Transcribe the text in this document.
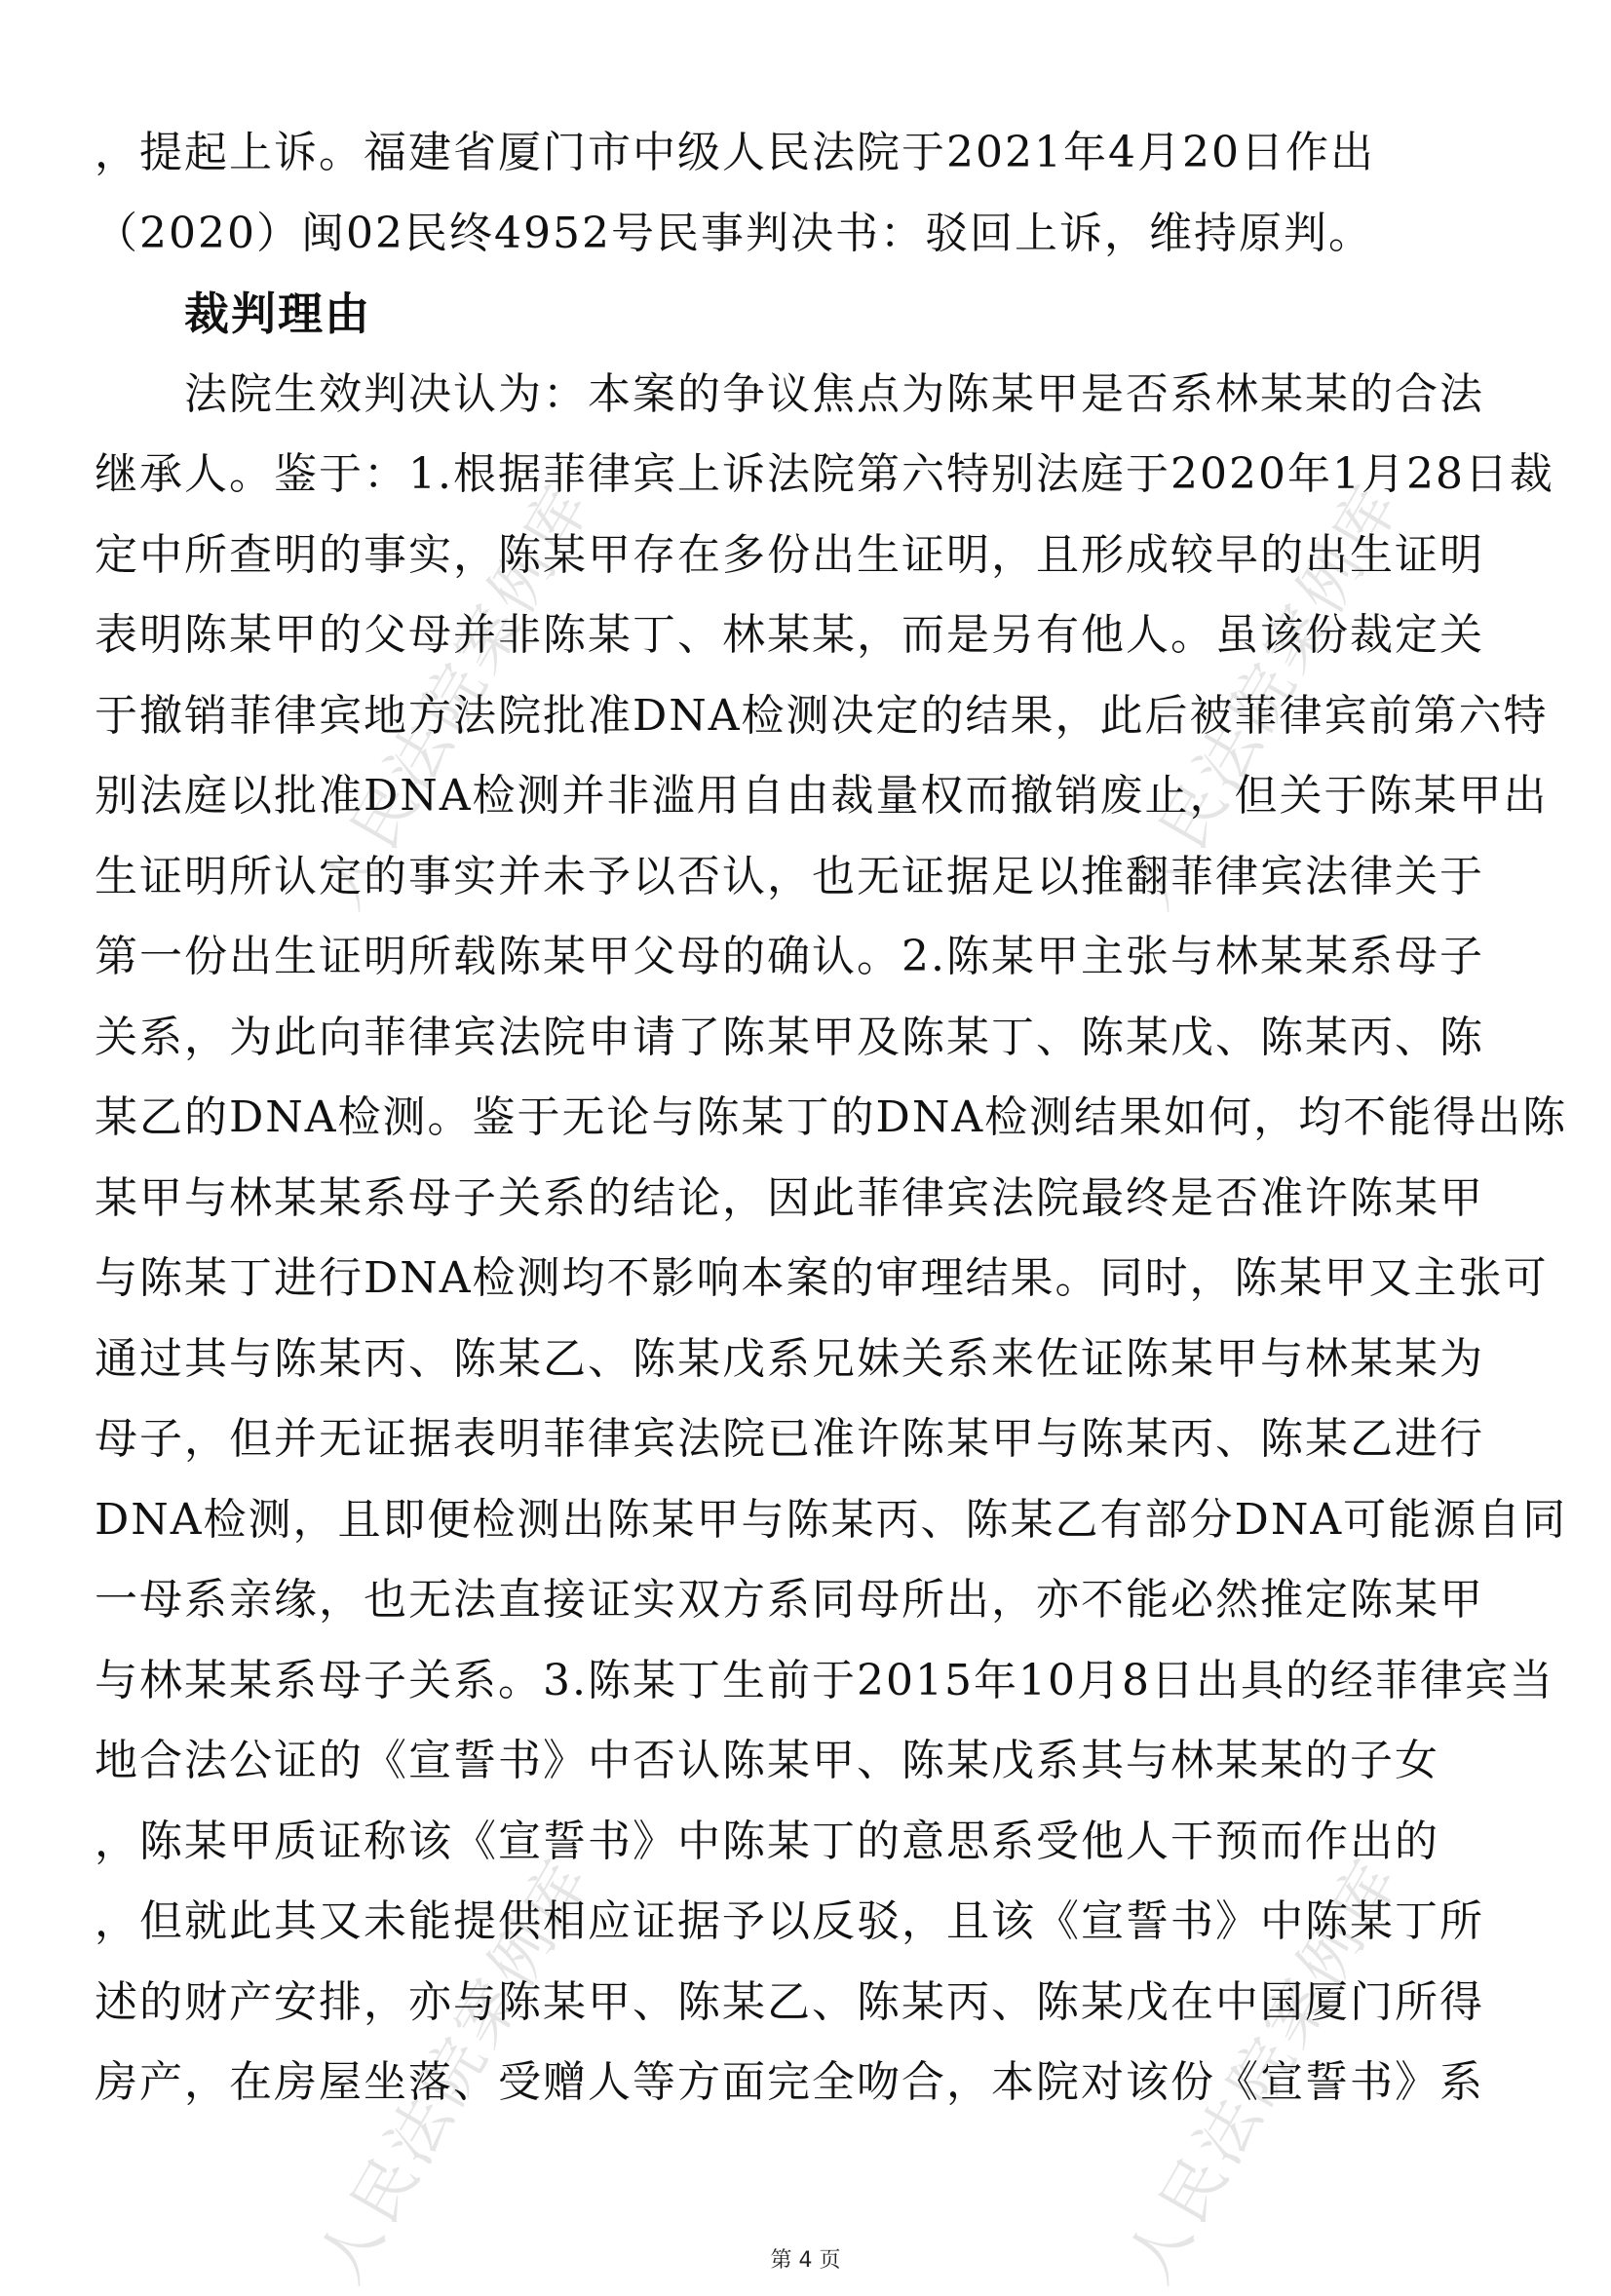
人民法院案例库	人民法院案例库
人民法院案例库	人民法院案例库
，提起上诉。福建省厦门市中级人民法院于2021年4月20日作出
（2020）闽02民终4952号民事判决书：驳回上诉，维持原判。
裁判理由
法院生效判决认为：本案的争议焦点为陈某甲是否系林某某的合法
继承人。鉴于：1.根据菲律宾上诉法院第六特别法庭于2020年1月28日裁
定中所查明的事实，陈某甲存在多份出生证明，且形成较早的出生证明
表明陈某甲的父母并非陈某丁、林某某，而是另有他人。虽该份裁定关
于撤销菲律宾地方法院批准DNA检测决定的结果，此后被菲律宾前第六特
别法庭以批准DNA检测并非滥用自由裁量权而撤销废止，但关于陈某甲出
生证明所认定的事实并未予以否认，也无证据足以推翻菲律宾法律关于
第一份出生证明所载陈某甲父母的确认。2.陈某甲主张与林某某系母子
关系，为此向菲律宾法院申请了陈某甲及陈某丁、陈某戊、陈某丙、陈
某乙的DNA检测。鉴于无论与陈某丁的DNA检测结果如何，均不能得出陈
某甲与林某某系母子关系的结论，因此菲律宾法院最终是否准许陈某甲
与陈某丁进行DNA检测均不影响本案的审理结果。同时，陈某甲又主张可
通过其与陈某丙、陈某乙、陈某戊系兄妹关系来佐证陈某甲与林某某为
母子，但并无证据表明菲律宾法院已准许陈某甲与陈某丙、陈某乙进行
DNA检测，且即便检测出陈某甲与陈某丙、陈某乙有部分DNA可能源自同
一母系亲缘，也无法直接证实双方系同母所出，亦不能必然推定陈某甲
与林某某系母子关系。3.陈某丁生前于2015年10月8日出具的经菲律宾当
地合法公证的《宣誓书》中否认陈某甲、陈某戊系其与林某某的子女
，陈某甲质证称该《宣誓书》中陈某丁的意思系受他人干预而作出的
，但就此其又未能提供相应证据予以反驳，且该《宣誓书》中陈某丁所
述的财产安排，亦与陈某甲、陈某乙、陈某丙、陈某戊在中国厦门所得
房产，在房屋坐落、受赠人等方面完全吻合，本院对该份《宣誓书》系
第 4 页
